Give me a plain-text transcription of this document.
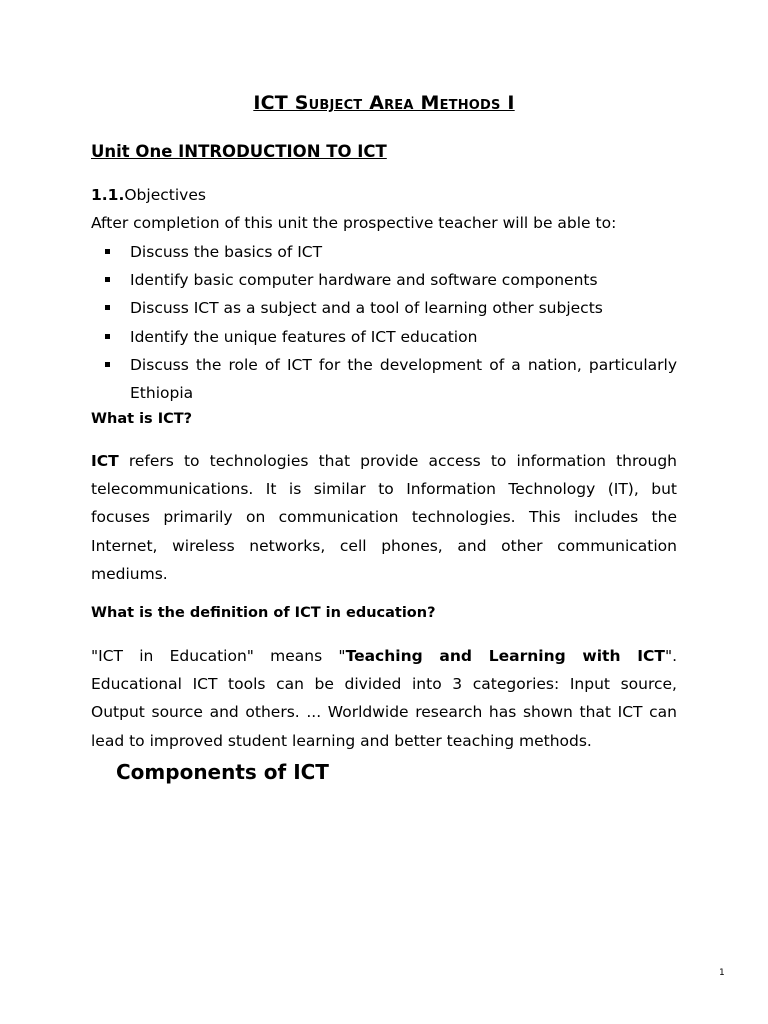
ICT Subject Area Methods I
Unit One INTRODUCTION TO ICT
1.1.Objectives
After completion of this unit the prospective teacher will be able to:
Discuss the basics of ICT
Identify basic computer hardware and software components
Discuss ICT as a subject and a tool of learning other subjects
Identify the unique features of ICT education
Discuss the role of ICT for the development of a nation, particularly Ethiopia
What is ICT?

ICT refers to technologies that provide access to information through telecommunications. It is similar to Information Technology (IT), but focuses primarily on communication technologies. This includes the Internet, wireless networks, cell phones, and other communication mediums.

What is the definition of ICT in education?

"ICT in Education" means "Teaching and Learning with ICT". Educational ICT tools can be divided into 3 categories: Input source, Output source and others. ... Worldwide research has shown that ICT can lead to improved student learning and better teaching methods.

Components of ICT
1
